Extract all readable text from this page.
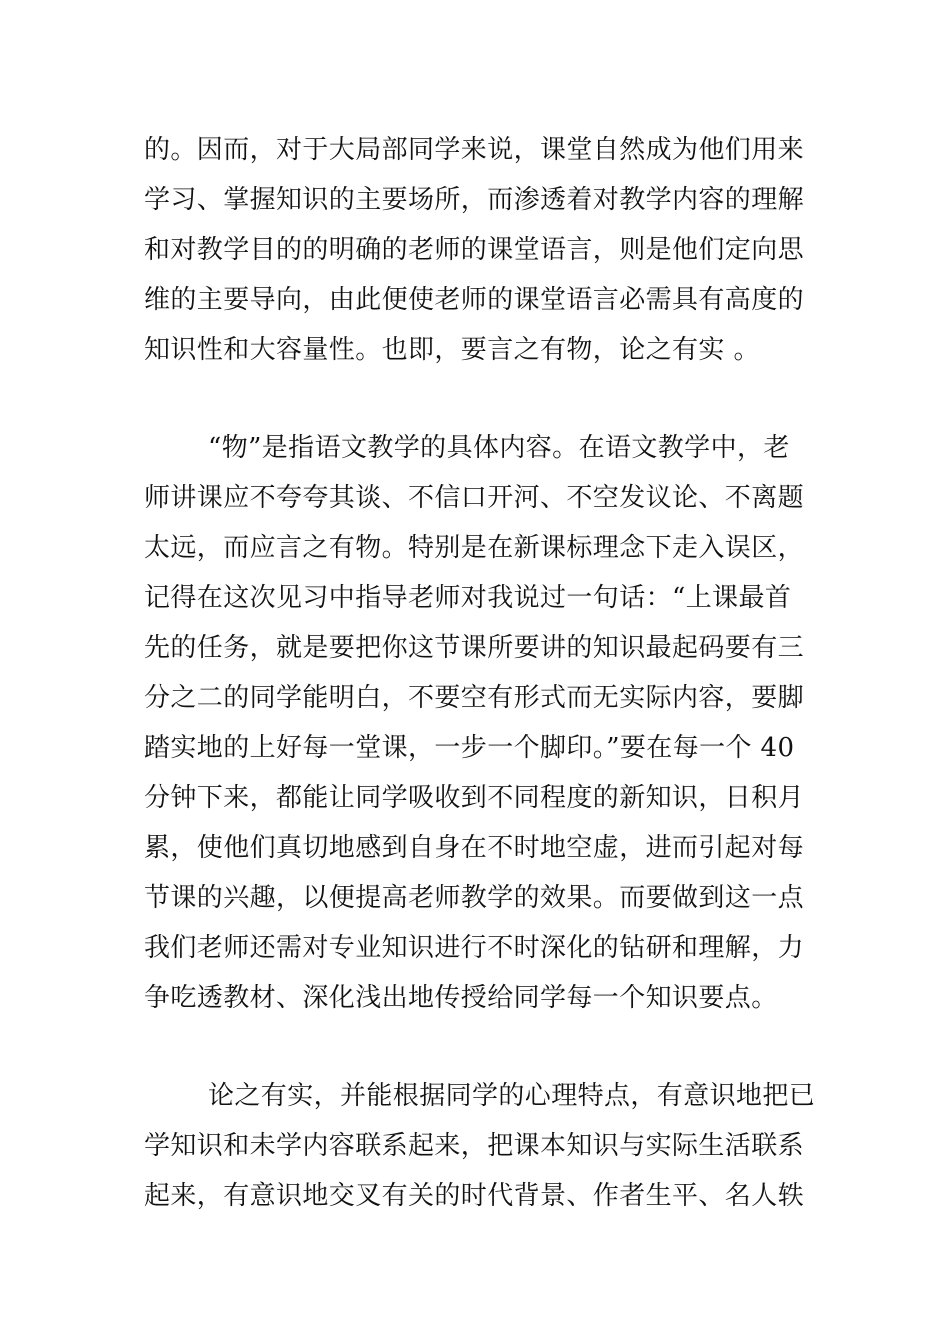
的。因而，对于大局部同学来说，课堂自然成为他们用来
学习、掌握知识的主要场所，而渗透着对教学内容的理解
和对教学目的的明确的老师的课堂语言，则是他们定向思
维的主要导向，由此便使老师的课堂语言必需具有高度的
知识性和大容量性。也即，要言之有物，论之有实 。
“物”是指语文教学的具体内容。在语文教学中，老
师讲课应不夸夸其谈、不信口开河、不空发议论、不离题
太远，而应言之有物。特别是在新课标理念下走入误区，
记得在这次见习中指导老师对我说过一句话：“上课最首
先的任务，就是要把你这节课所要讲的知识最起码要有三
分之二的同学能明白，不要空有形式而无实际内容，要脚
踏实地的上好每一堂课，一步一个脚印。”要在每一个 40
分钟下来，都能让同学吸收到不同程度的新知识，日积月
累，使他们真切地感到自身在不时地空虚，进而引起对每
节课的兴趣，以便提高老师教学的效果。而要做到这一点
我们老师还需对专业知识进行不时深化的钻研和理解，力
争吃透教材、深化浅出地传授给同学每一个知识要点。
论之有实，并能根据同学的心理特点，有意识地把已
学知识和未学内容联系起来，把课本知识与实际生活联系
起来，有意识地交叉有关的时代背景、作者生平、名人轶
